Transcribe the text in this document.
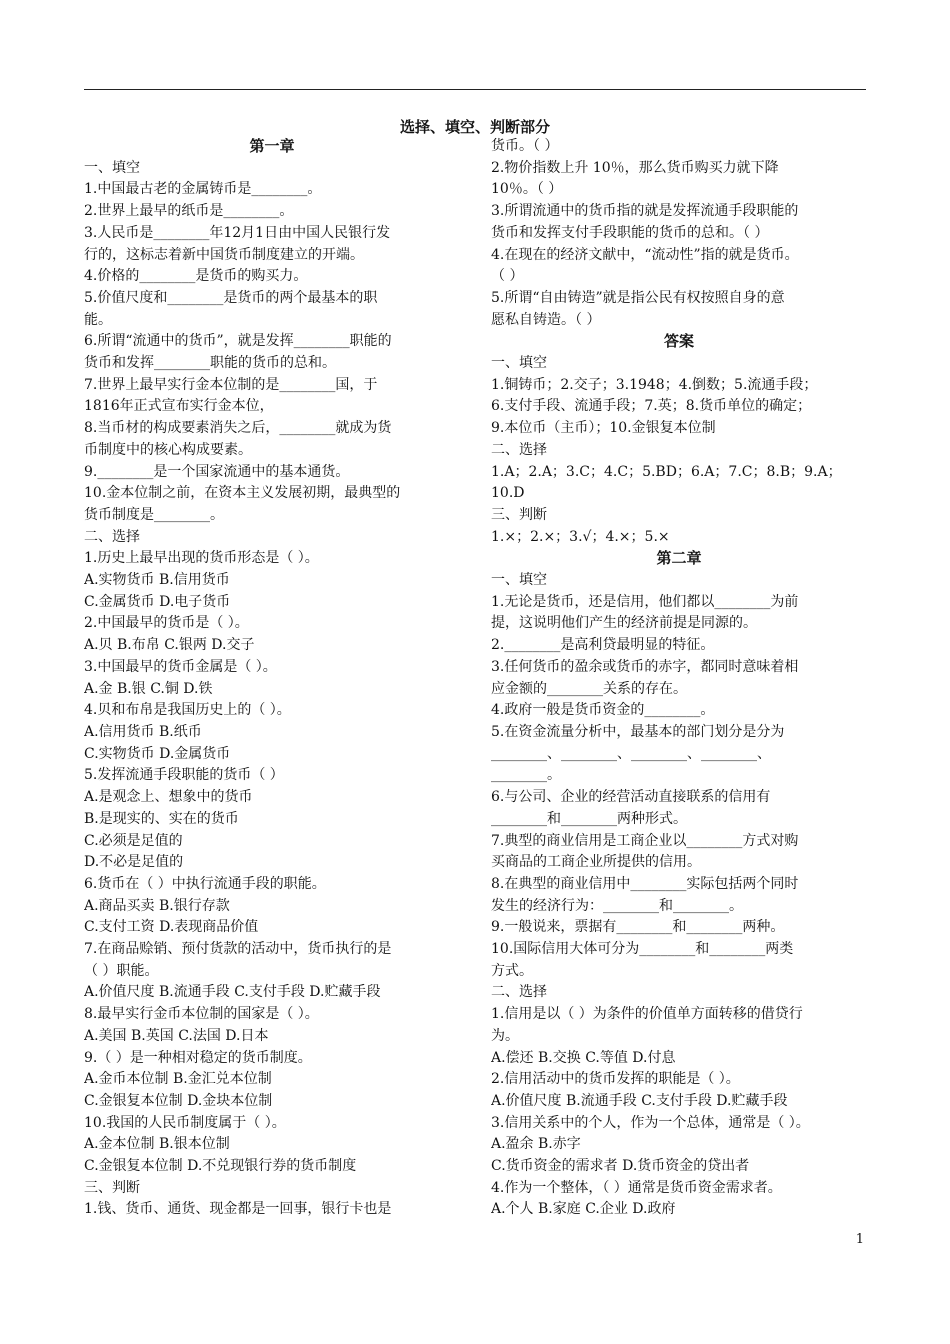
选择、填空、判断部分
第一章
一、填空
1.中国最古老的金属铸币是________。
2.世界上最早的纸币是________。
3.人民币是________年12月1日由中国人民银行发
行的，这标志着新中国货币制度建立的开端。
4.价格的________是货币的购买力。
5.价值尺度和________是货币的两个最基本的职
能。
6.所谓“流通中的货币”，就是发挥________职能的
货币和发挥________职能的货币的总和。
7.世界上最早实行金本位制的是________国，于
1816年正式宣布实行金本位，
8.当币材的构成要素消失之后，________就成为货
币制度中的核心构成要素。
9.________是一个国家流通中的基本通货。
10.金本位制之前，在资本主义发展初期，最典型的
货币制度是________。
二、选择
1.历史上最早出现的货币形态是（ ）。
A.实物货币 B.信用货币
C.金属货币 D.电子货币
2.中国最早的货币是（ ）。
A.贝 B.布帛 C.银两 D.交子
3.中国最早的货币金属是（ ）。
A.金 B.银 C.铜 D.铁
4.贝和布帛是我国历史上的（ ）。
A.信用货币 B.纸币
C.实物货币 D.金属货币
5.发挥流通手段职能的货币（ ）
A.是观念上、想象中的货币
B.是现实的、实在的货币
C.必须是足值的
D.不必是足值的
6.货币在（ ）中执行流通手段的职能。
A.商品买卖 B.银行存款
C.支付工资 D.表现商品价值
7.在商品赊销、预付货款的活动中，货币执行的是
（ ）职能。
A.价值尺度 B.流通手段 C.支付手段 D.贮藏手段
8.最早实行金币本位制的国家是（ ）。
A.美国 B.英国 C.法国 D.日本
9.（ ）是一种相对稳定的货币制度。
A.金币本位制 B.金汇兑本位制
C.金银复本位制 D.金块本位制
10.我国的人民币制度属于（ ）。
A.金本位制 B.银本位制
C.金银复本位制 D.不兑现银行券的货币制度
三、判断
1.钱、货币、通货、现金都是一回事，银行卡也是
货币。（ ）
2.物价指数上升 10％，那么货币购买力就下降
10％。（ ）
3.所谓流通中的货币指的就是发挥流通手段职能的
货币和发挥支付手段职能的货币的总和。（ ）
4.在现在的经济文献中，“流动性”指的就是货币。
（ ）
5.所谓“自由铸造”就是指公民有权按照自身的意
愿私自铸造。（ ）
答案
一、填空
1.铜铸币；2.交子；3.1948；4.倒数；5.流通手段；
6.支付手段、流通手段；7.英；8.货币单位的确定；
9.本位币（主币）；10.金银复本位制
二、选择
1.A；2.A；3.C；4.C；5.BD；6.A；7.C；8.B；9.A；
10.D
三、判断
1.×；2.×；3.√；4.×；5.×
第二章
一、填空
1.无论是货币，还是信用，他们都以________为前
提，这说明他们产生的经济前提是同源的。
2.________是高利贷最明显的特征。
3.任何货币的盈余或货币的赤字，都同时意味着相
应金额的________关系的存在。
4.政府一般是货币资金的________。
5.在资金流量分析中，最基本的部门划分是分为
________、________、________、________、
________。
6.与公司、企业的经营活动直接联系的信用有
________和________两种形式。
7.典型的商业信用是工商企业以________方式对购
买商品的工商企业所提供的信用。
8.在典型的商业信用中________实际包括两个同时
发生的经济行为：________和________。
9.一般说来，票据有________和________两种。
10.国际信用大体可分为________和________两类
方式。
二、选择
1.信用是以（ ）为条件的价值单方面转移的借贷行
为。
A.偿还 B.交换 C.等值 D.付息
2.信用活动中的货币发挥的职能是（ ）。
A.价值尺度 B.流通手段 C.支付手段 D.贮藏手段
3.信用关系中的个人，作为一个总体，通常是（ ）。
A.盈余 B.赤字
C.货币资金的需求者 D.货币资金的贷出者
4.作为一个整体，（ ）通常是货币资金需求者。
A.个人 B.家庭 C.企业 D.政府
1
